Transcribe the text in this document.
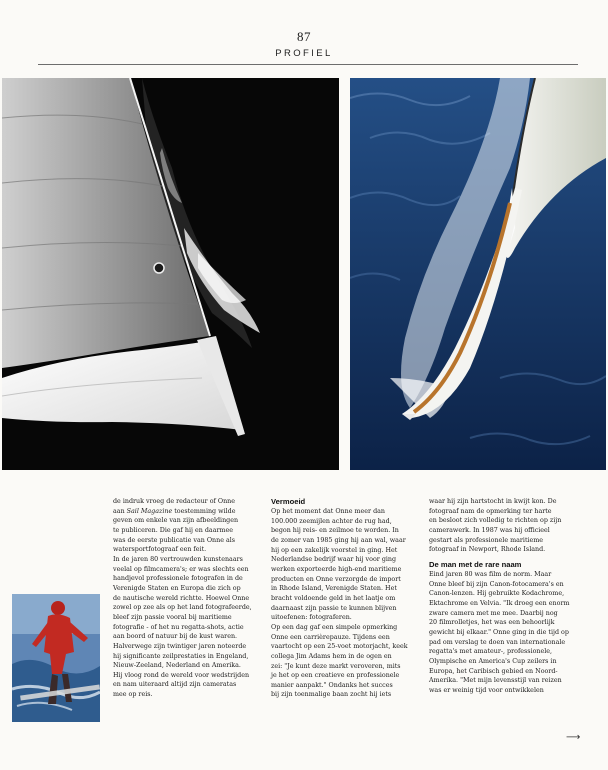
87
PROFIEL

de indruk vroeg de redacteur of Onne

aan Sail Magazine toestemming wilde

geven om enkele van zijn afbeeldingen

te publiceren. Die gaf hij en daarmee

was de eerste publicatie van Onne als

watersportfotograaf een feit.

In de jaren 80 vertrouwden kunstenaars

veelal op filmcamera's; er was slechts een

handjevol professionele fotografen in de

Verenigde Staten en Europa die zich op

de nautische wereld richtte. Hoewel Onne

zowel op zee als op het land fotografeerde,

bleef zijn passie vooral bij maritieme

fotografie - of het nu regatta-shots, actie

aan boord of natuur bij de kust waren.

Halverwege zijn twintiger jaren noteerde

hij significante zeilprestaties in Engeland,

Nieuw-Zeeland, Nederland en Amerika.

Hij vloog rond de wereld voor wedstrijden

en nam uiteraard altijd zijn cameratas

mee op reis.

Vermoeid

Op het moment dat Onne meer dan

100.000 zeemijlen achter de rug had,

begon hij reis- en zeilmoe te worden. In

de zomer van 1985 ging hij aan wal, waar

hij op een zakelijk voorstel in ging. Het

Nederlandse bedrijf waar hij voor ging

werken exporteerde high-end maritieme

producten en Onne verzorgde de import

in Rhode Island, Verenigde Staten. Het

bracht voldoende geld in het laatje om

daarnaast zijn passie te kunnen blijven

uitoefenen: fotograferen.

Op een dag gaf een simpele opmerking

Onne een carrièrepauze. Tijdens een

vaartocht op een 25-voet motorjacht, keek

collega Jim Adams hem in de ogen en

zei: "Je kunt deze markt veroveren, mits

je het op een creatieve en professionele

manier aanpakt." Ondanks het succes

bij zijn toenmalige baan zocht hij iets

waar hij zijn hartstocht in kwijt kon. De

fotograaf nam de opmerking ter harte

en besloot zich volledig te richten op zijn

camerawerk. In 1987 was hij officieel

gestart als professionele maritieme

fotograaf in Newport, Rhode Island.

De man met de rare naam

Eind jaren 80 was film de norm. Maar

Onne bleef bij zijn Canon-fotocamera's en

Canon-lenzen. Hij gebruikte Kodachrome,

Ektachrome en Velvia. "Ik droeg een enorm

zware camera met me mee. Daarbij nog

20 filmrolletjes, het was een behoorlijk

gewicht bij elkaar." Onne ging in die tijd op

pad om verslag te doen van internationale

regatta's met amateur-, professionele,

Olympische en America's Cup zeilers in

Europa, het Caribisch gebied en Noord-

Amerika. "Met mijn levensstijl van reizen

was er weinig tijd voor ontwikkelen

⟶
